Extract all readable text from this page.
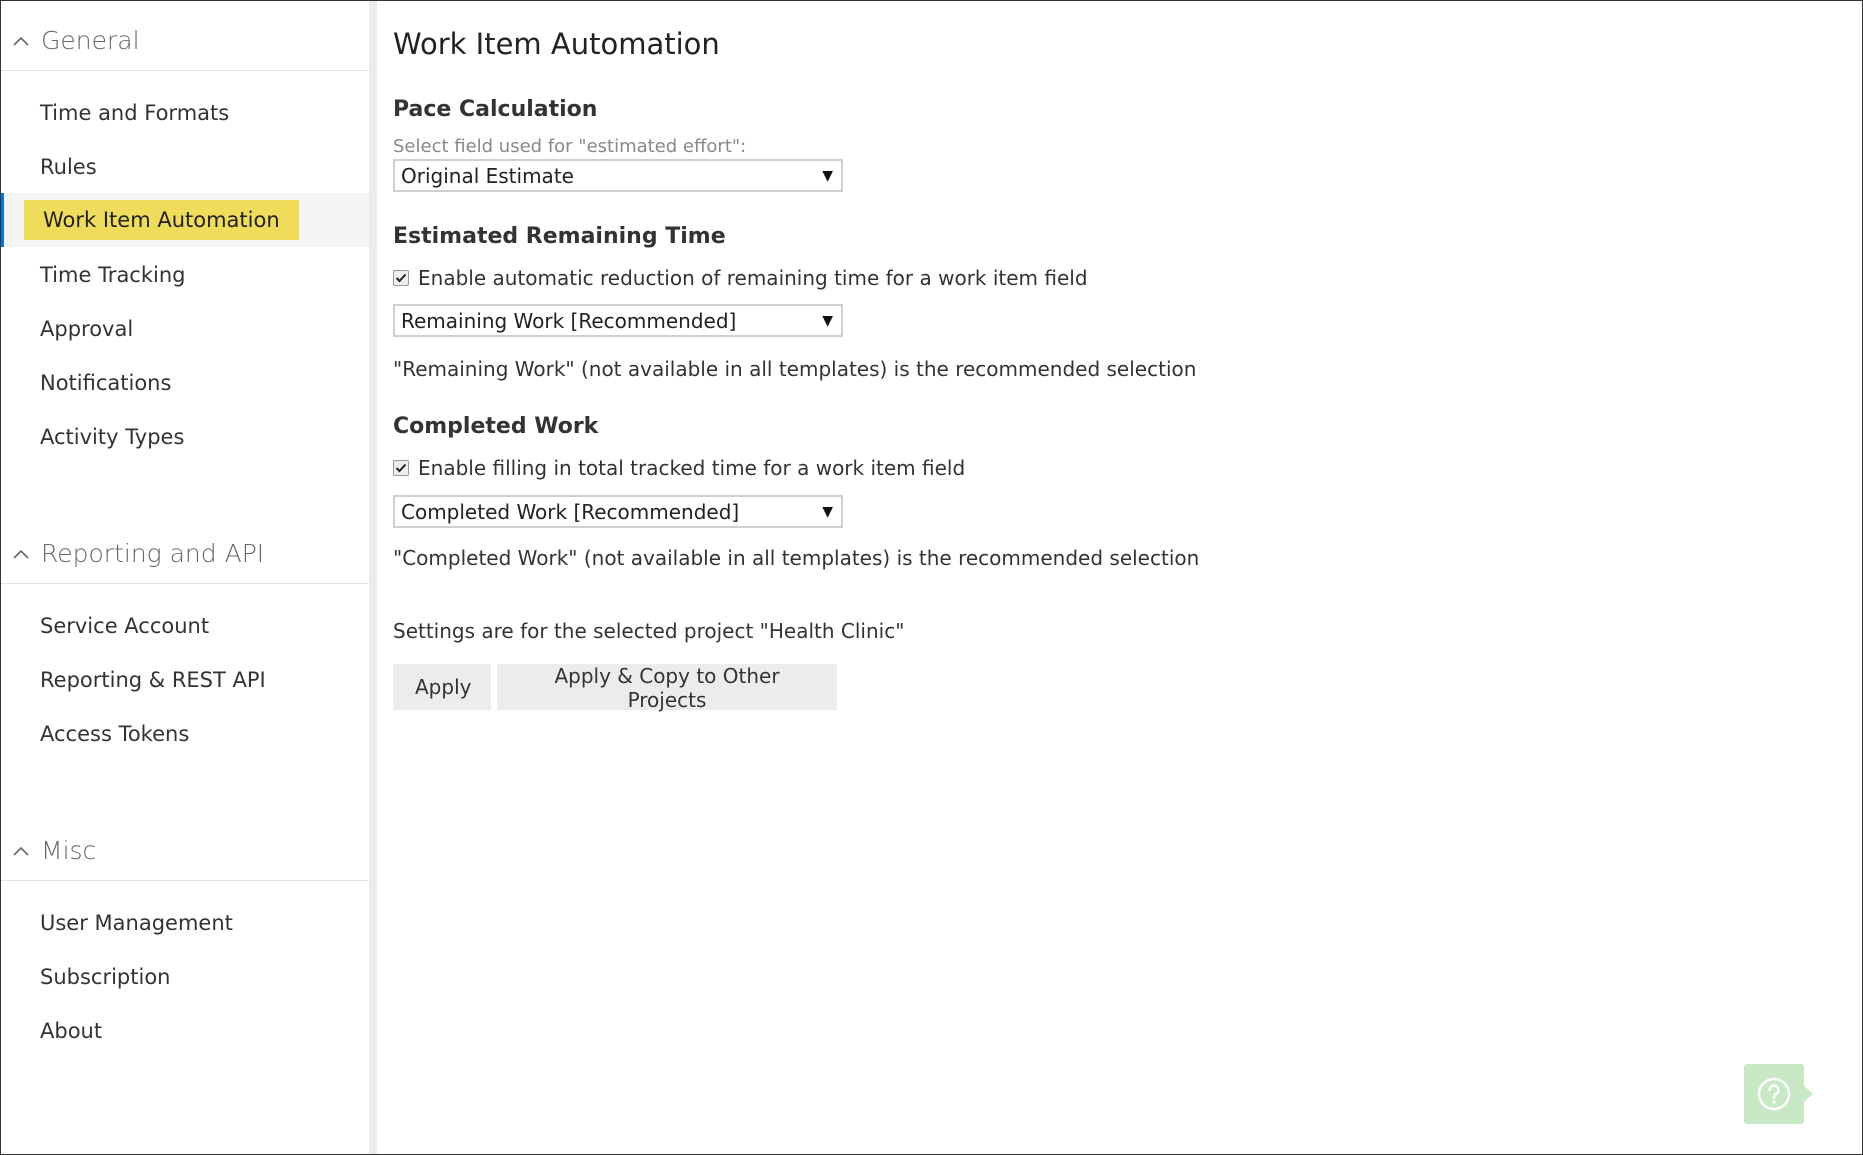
General
Time and Formats
Rules
Work Item Automation
Time Tracking
Approval
Notifications
Activity Types
Reporting and API
Service Account
Reporting & REST API
Access Tokens
Misc
User Management
Subscription
About
Work Item Automation
Pace Calculation
Select field used for "estimated effort":
Original Estimate	▼
Estimated Remaining Time
Enable automatic reduction of remaining time for a work item field
Remaining Work [Recommended]	▼
"Remaining Work" (not available in all templates) is the recommended selection
Completed Work
Enable filling in total tracked time for a work item field
Completed Work [Recommended]	▼
"Completed Work" (not available in all templates) is the recommended selection
Settings are for the selected project "Health Clinic"
Apply	Apply & Copy to Other Projects
